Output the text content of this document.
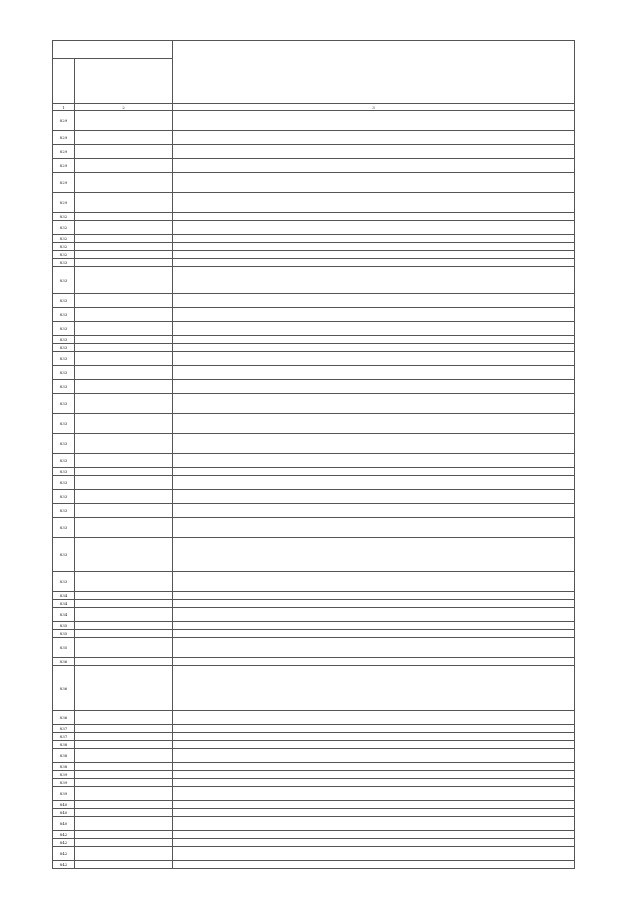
1	2	3
829		
829		
829		
829		
829		
829		
832		
832		
832		
832		
832		
833		
833		
833		
833		
833		
833		
833		
833		
833		
833		
833		
833		
833		
833		
833		
833		
833		
833		
833		
833		
833		
834		
834		
834		
835		
835		
835		
836		
836		
836		
837		
837		
838		
838		
838		
839		
839		
839		
840		
840		
840		
842		
842		
842		
842		
